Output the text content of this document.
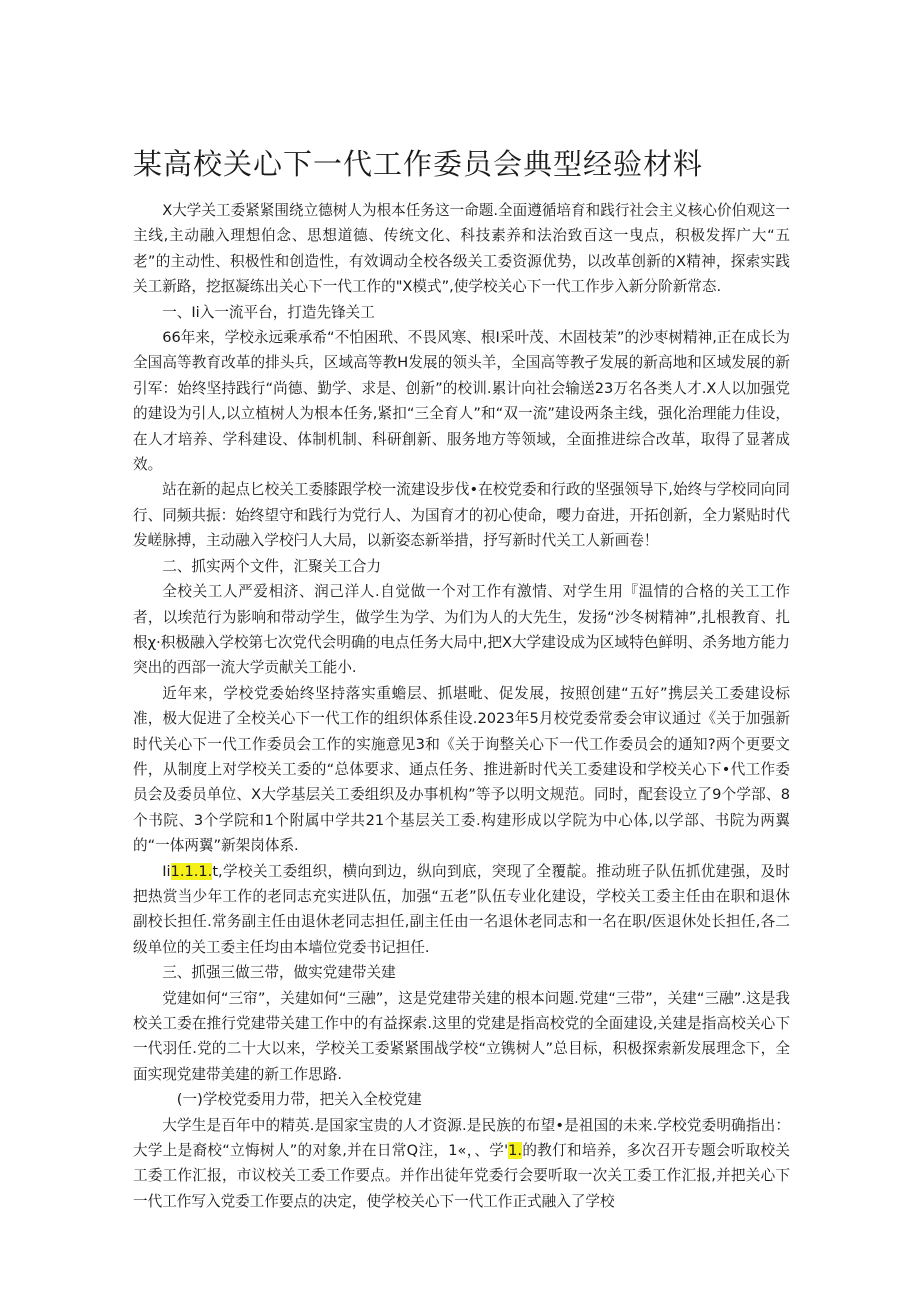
某高校关心下一代工作委员会典型经验材料

X大学关工委紧紧围绕立德树人为根本任务这一命题.全面遵循培育和践行社会主义核心价伯观这一主线,主动融入理想伯念、思想道德、传统文化、科技素养和法治致百这一曳点，积极发挥广大“五老”的主动性、积极性和创造性，有效调动全校各级关工委资源优势，以改革创新的X精神，探索实践关工新路，挖抠凝练出关心下一代工作的"X模式”,使学校关心下一代工作步入新分阶新常态.

一、Ii入一流平台，打造先锋关工

66年来，学校永远乘承希“不怕困玳、不畏风寒、根I采叶茂、木固枝茉”的沙枣树精神,正在成长为全国高等教育改革的排头兵，区域高等教H发展的领头羊，全国高等教孑发展的新高地和区域发展的新引军：始终坚持践行“尚德、勤学、求是、创新”的校训.累计向社会输送23万名各类人才.X人以加强党的建设为引人,以立植树人为根本任务,紧扣“三全育人”和“双一流”建设两条主线，强化治理能力佳设，在人才培养、学科建设、体制机制、科研創新、服务地方等领域，全面推进综合改革，取得了显著成效。

站在新的起点匕校关工委膝跟学校一流建设步伐•在校党委和行政的坚强领导下,始终与学校同向同行、同频共振：始终望守和践行为党行人、为国育才的初心使命，嘤力奋进，开拓创新，全力紧贴时代发嵯脉搏，主动融入学校闩人大局，以新姿态新举措，抒写新时代关工人新画卷！

二、抓实两个文件，汇聚关工合力

全校关工人严爱相济、润己洋人.自觉做一个对工作有激情、对学生用『温情的合格的关工工作者，以埃范行为影响和带动学生，做学生为学、为们为人的大先生，发扬“沙冬树精神”,扎根教育、扎根χ·积极融入学校第七次党代会明确的电点任务大局中,把X大学建设成为区域特色鲜明、杀务地方能力突出的西部一流大学贡献关工能小.

近年来，学校党委始终坚持落实重蟾层、抓堪毗、促发展，按照创建“五好”携层关工委建设标准，极大促进了全校关心下一代工作的组织体系佳设.2023年5月校党委常委会审议通过《关于加强新时代关心下一代工作委员会工作的实施意见3和《关于询整关心下一代工作委员会的通知?两个更要文件，从制度上对学校关工委的“总体要求、通点任务、推进新时代关工委建设和学校关心下•代工作委员会及委员单位、X大学基层关工委组织及办事机构”等予以明文规范。同时，配套设立了9个学部、8个书院、3个学院和1个附属中学共21个基层关工委.构建形成以学院为中心体,以学部、书院为两翼的“一体两翼”新架岗体系.

Ii1.1.1.t,学校关工委组织，横向到边，纵向到底，突现了全覆靛。推动班子队伍抓优建强，及时把热赏当少年工作的老同志充实进队伍，加强“五老”队伍专业化建设，学校关工委主任由在职和退休副校长担任.常务副主任由退休老同志担任,副主任由一名退休老同志和一名在职/医退休处长担任,各二级单位的关工委主任均由本墙位党委书记担任.

三、抓强三做三带，做实党建带关建

党建如何“三帘”，关建如何“三融”，这是党建带关建的根本问题.党建“三带”，关建“三融”.这是我校关工委在推行党建带关建工作中的有益探索.这里的党建是指高校党的全面建设,关建是指高校关心下一代羽任.党的二十大以来，学校关工委紧紧围战学校“立镌树人”总目标，积极探索新发展理念下，全面实现党建带美建的新工作思路.

(一)学校党委用力带，把关入全校党建

大学生是百年中的精英.是国家宝贵的人才资源.是民族的布望•是祖国的未来.学校党委明确指出：大学上是裔校“立悔树人”的对象,并在日常Q注，1«，、学'1.的教仃和培养，多次召开专题会听取校关工委工作汇报，市议校关工委工作要点。并作出徒年党委行会要听取一次关工委工作汇报,并把关心下一代工作写入党委工作要点的决定，使学校关心下一代工作正式融入了学校
